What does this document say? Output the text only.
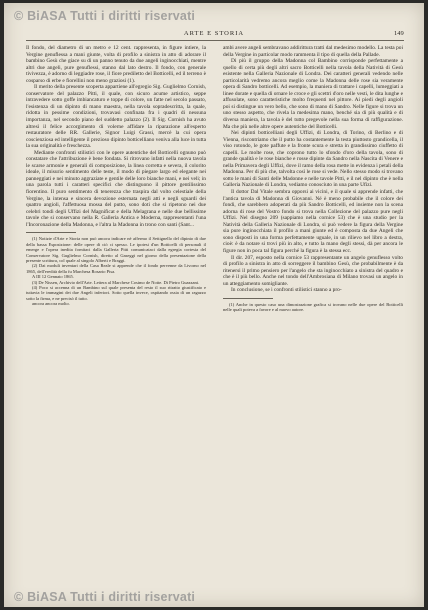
© BiASA Tutti i diritti riservati
ARTE E STORIA	149

Il fondo, del diametro di un metro e 12 cent. rappresenta, in figure intiere, la Vergine genuflessa a mani giunte, volta di profilo a sinistra in atto di adorare il bambino Gesù che giace su di un panno tenuto da due angeli inginocchiati, mentre altri due angeli, pure genuflessi, stanno dal lato destro. Il fondo, con generale tivivezza, è adorno di leggiadre rose, il fiore prediletto del Botticelli, ed il terreno è cosparso di erbe e fiorellini non meno graziosi (1).

Il merito della presente scoperta appartiene all'egregio Sig. Guglielmo Cornish, conservatore del palazzo Pitti, il quale, con sicuro acume artistico, seppe intravedere sotto goffe imbiancaturo e toppe di colore, un fatte nel secolo passato, l'esistenza di un dipinto di mano maestra, nella tavola sopradescritta, la quale, ridotta in pessime condizioni, trovavasi confinata fra i quadri di nessuna importanza, nel secondo piano del suddetto palazzo (2). Il Sig. Cornish ha avuto altresì il felice accorgimento di volerne affidare la riparazione all'esperto restauratore delle RR. Gallerie, Signor Luigi Grassi, mercè la cui opera coscienziosa ed intelligente il prezioso dipinto botticelliano veniva alla luce in tutta la sua originalità e freschezza.

Mediante confronti stilistici con le opere autentiche del Botticelli ognuno può constatare che l'attribuzione è bene fondata. Si ritrovano infatti nella nuova tavola le scarse armonie e generali di composizione, la linea corretta e severa, il colorito ideale, il misurio sentimento delle teste, il modo di piegare largo ed elegante nei panneggiati e nei minuto aggraziate e gentile delle loro bianche mani, e nei veli; in una parola tutti i caratteri specifici che distinguono il pittore gentilissimo fiorentino. Il puro sentimento di tenerezza che traspira dal volto celestiale della Vergine, la intensa e sincera devozione esternata negli atti e negli sguardi dei quattro angioli, l'affettuosa mossa del putto, sono doti che si ripetono nei due celebri tondi degli Uffizi del Magnificat e della Melagrana e nelle due bellissime tavole che si conservano nella R. Galleria Antica e Moderna, rappresentanti l'una l'Incoronazione della Madonna, e l'altra la Madonna in trono con santi (Sant...

(1) Notizie d'Arte e Storia non può ancora indicare nè affermo il Settignello del dipinto di due della bassa Esposizione: delle opere di ciò ci spesso. Le ipotesi d'un Botticelli di personali il emerge e l'opera inedita fornitaci dalla Galleria Pitti comunicataci dalla egregia cortesia del Conservatore Sig. Guglielmo Cornish, diretto al Gaseggi nel giorno della presentazione della presente scrittura, col quale al singolo Alberti e Braggi.

(2) Dai moduli inventari della Casa Reale si apprende che il fondo pervenne da Livorno nel 1865, dell'eredità della fu Marchesa Rosario Pisa.

A III 12 Gennaio 1865.

(3) De Nissen, Archivio dell'Arte. Lettera al Marchese Cosimo de Notte. Di Pietro Guazzani.

(4) Poco si accenna di un Bambino sul quale presenta del resto il suo ritratto giustificato e tuttavia le immagini dei due Angeli inferiori. Sotto quella invece, ospitando ossia di un ragazzo sotto la firma, e ne precisò il tutto.

ancora ancora molto.

ambi avere angeli sembravano addirittura tratti dal medesimo modello. La testa poi della Vergine in particolar modo rammenta il tipo di quella della Pallade.

Di più il gruppo della Madonna col Bambino corrisponde perfettamente a quello di certa più degli altri sacro Botticelli nella tavola della Natività di Gesù esistente nella Galleria Nazionale di Londra. Dei caratteri generali vedendo nelle particolarità vedremo ancora meglio come la Madonna delle rose sia veramente opera di Sandro botticelli. Ad esempio, la maniera di trattare i capelli, lumeggiati a linee dorate e quella di ornare le croce e gli scettri d'oro nelle vesti, le dita lunghe e affusolate, sono caratteristiche molto frequenti nel pittore. Ai piedi degli angioli poi si distingue un vero bello, che sono di mano di Sandro. Nelle figure si trova un uno stesso aspetto, che rivela la medesima mano, benché sia di più qualità e di diversa maniera, la tavola è del tutto pregevole nella sua forma di raffigurazione. Ma che più nelle altre opere autentiche del Botticelli.

Nei dipinti botticelliani degli Uffizi, di Londra, di Torino, di Berlino e di Vienna, riscontriamo che il putto ha costantemente la testa piuttosto grandicella, il viso rotondo, le gote paffute e la fronte scura e stretta in grandissimo ciuffetto di capelli. Le molte rose, che coprono tutto lo sfondo d'oro della tavola, sono di grande qualità e le rose bianche e rosse dipinte da Sandro nella Nascita di Venere e nella Primavera degli Uffizi, dove il ramo della rosa mette in evidenza i petali della Madonna. Per di più che, talvolta così le rose si vede. Nello stesso modo si trovano sotto le mani di Santi delle Madonne e nelle tavole Pitti, e il nel dipinto che è nella Galleria Nazionale di Londra, vediamo conosciuto in una parte Ufizi.

Il dottor Dal Vitale sembra opporsi ai vicini, e il quale si apprende infatti, che l'antica tavola di Madonna di Giovanni. Né è meno probabile che il colore dei fondi, che sarebbero adoperati da più Sandro Botticelli, ed insieme non la scena adorna di rose del Vostro fondo si trova nella Collezione del palazzo pure negli Uffizi. Nel disegno 209 (sappiamo nella cornice 53) che è una studio per la Natività della Galleria Nazionale di Londra, si può vedere la figura della Vergine sia pure inginocchiata il profilo a mani giunte ed è composta da due Angeli che sono disposti in una forma perfettamente uguale, in un rilievo nel libro a destra, cioè: è da notare si trovi più in alto, e tutto la mano degli stessi, dà per ancora le figure non in poca tal figura perché la figura è la stessa ecc.

Il dir. 207, esposto nella cornice 53 rappresentante un angelo genuflesso volto di profilo a sinistra in atto di sorreggere il bambino Gesù, che probabilmente è da ritenersi il primo pensiero per l'angelo che sta inginocchiato a sinistra del quadro e che è il più bello. Anche nel tondo dell'Ambrosiana di Milano trovasi un angelo in un atteggiamento somigliante.

In conclusione, se i confronti stilistici stanno a pro-

(1) Anche in questo caso una dimostrazione grafica si trovano nelle due opere del Botticelli nelle quali poteva a favore e al nuovo autore.

© BiASA Tutti i diritti riservati
